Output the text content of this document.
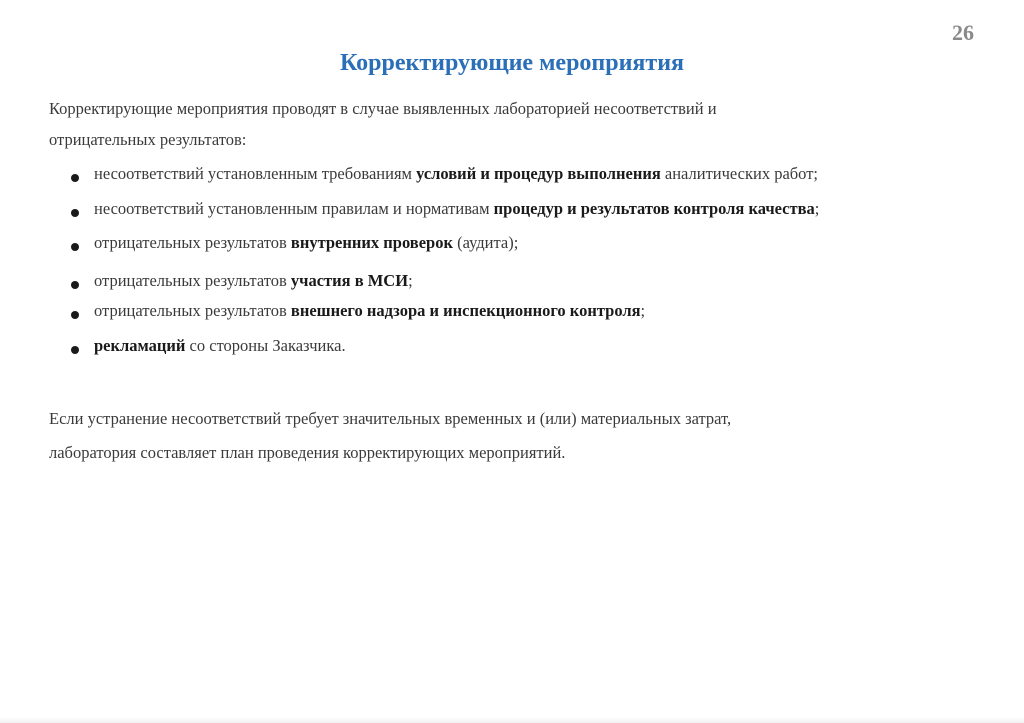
26
Корректирующие мероприятия
Корректирующие мероприятия проводят в случае выявленных лабораторией несоответствий и
отрицательных результатов:
несоответствий установленным требованиям условий и процедур выполнения аналитических работ;
несоответствий установленным правилам и нормативам процедур и результатов контроля качества;
отрицательных результатов внутренних проверок (аудита);
отрицательных результатов участия в МСИ;
отрицательных результатов внешнего надзора и инспекционного контроля;
рекламаций со стороны Заказчика.
Если устранение несоответствий требует значительных временных и (или) материальных затрат,
лаборатория составляет план проведения корректирующих мероприятий.
